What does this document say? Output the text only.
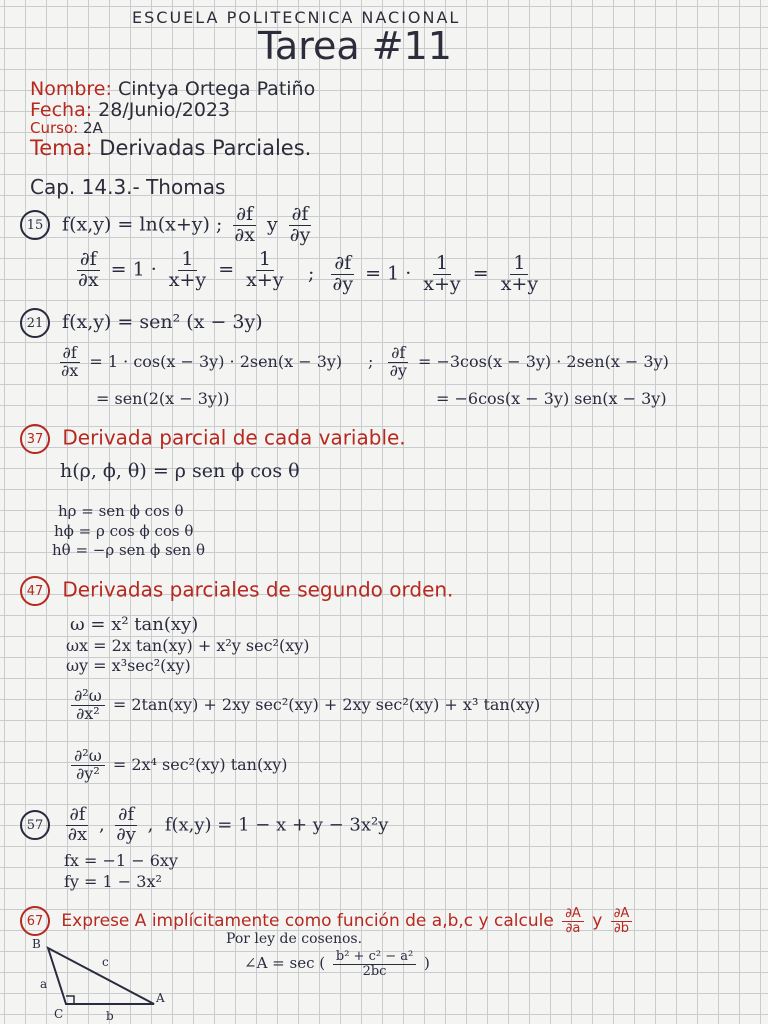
ESCUELA POLITECNICA NACIONAL
Tarea #11
Nombre: Cintya Ortega Patiño
Fecha: 28/Junio/2023
Curso: 2A
Tema: Derivadas Parciales.
Cap. 14.3.- Thomas
15 f(x,y) = ln(x+y) ; $\frac{\partial f}{\partial x}$ y $\frac{\partial f}{\partial y}$
$\frac{\partial f}{\partial x} = 1 \cdot \frac{1}{x+y} = \frac{1}{x+y}$ ; $\frac{\partial f}{\partial y} = 1 \cdot \frac{1}{x+y} = \frac{1}{x+y}$
21 f(x,y) = sen² (x − 3y)
$\frac{\partial f}{\partial x} = 1 \cdot \cos(x - 3y) \cdot 2sen(x - 3y)$
= sen(2(x − 3y))
; $\frac{\partial f}{\partial y} = -3\cos(x - 3y) \cdot 2sen(x - 3y)$
= −6cos(x − 3y) sen(x − 3y)
37 Derivada parcial de cada variable.
h(ρ, ϕ, θ) = ρ sen ϕ cos θ
hρ = sen ϕ cos θ
hϕ = ρ cos ϕ cos θ
hθ = −ρ sen ϕ sen θ
47 Derivadas parciales de segundo orden.
ω = x² tan(xy)
ωx = 2x tan(xy) + x²y sec²(xy)
ωy = x³sec²(xy)
$\frac{\text{∂²ω}}{\text{∂x²}} = 2\tan(xy) + 2xy$ sec²(xy) + 2xy sec²(xy) + x³ tan(xy)
$\frac{\text{∂²ω}}{\text{∂y²}} = 2x^4$ sec²(xy) tan(xy)
$57 \frac{\partial f}{\partial x}$ , $\frac{\partial f}{\partial y}$ , f(x,y) = 1 − x + y − 3x²y
fx = −1 − 6xy
fy = 1 − 3x²
67 Exprese A implícitamente como función de a,b,c y calcule $\frac{\partial A}{\partial a}$ y $\frac{\partial A}{\partial b}$
Por ley de cosenos.
∠A = sec ( $\frac{\text{b² + c² − a²}}{2bc}$ )
B
a
c
C	b
A
